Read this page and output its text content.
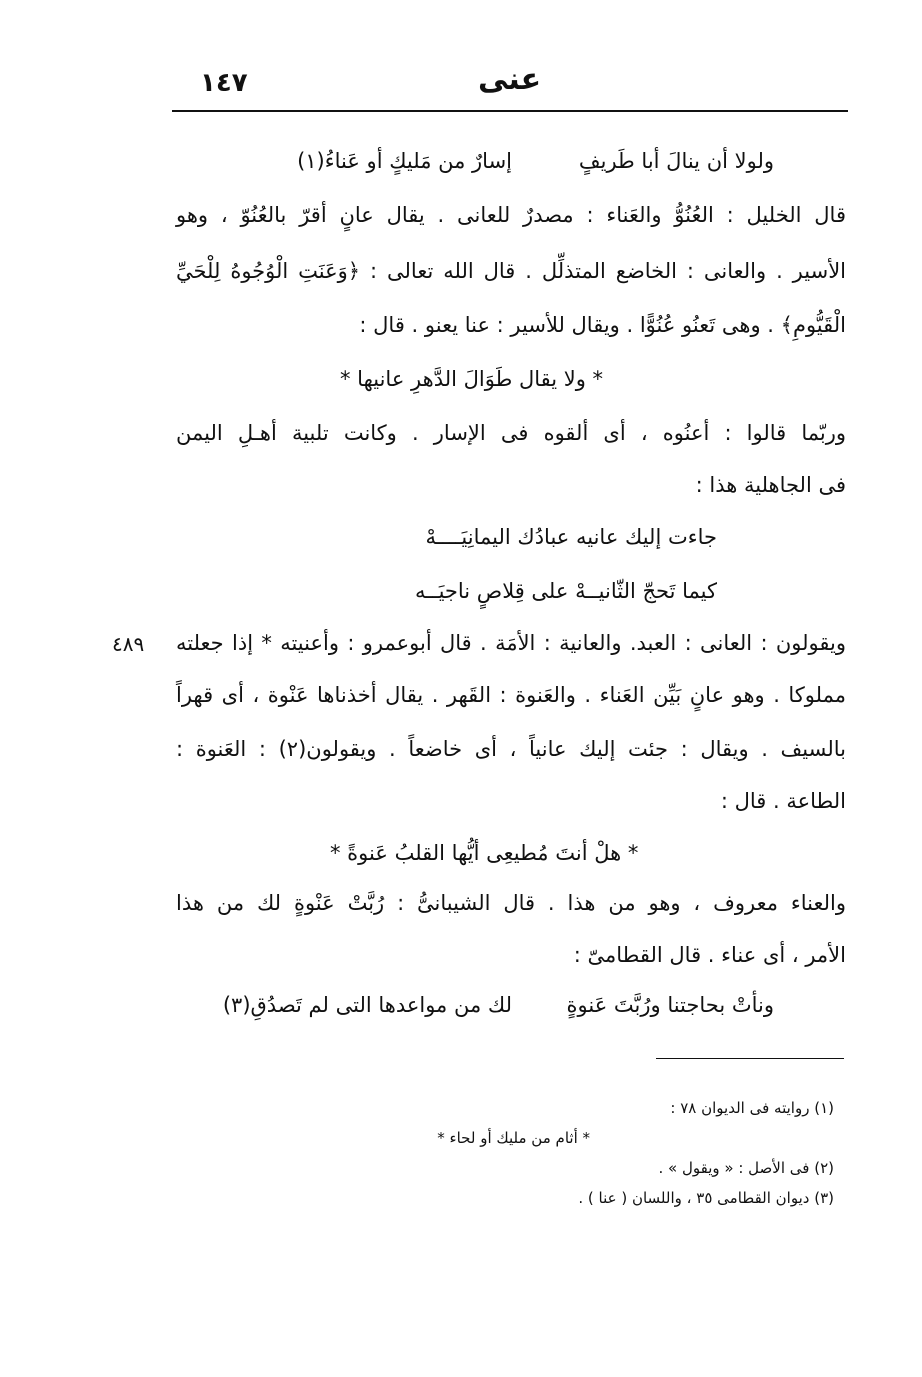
١٤٧	عنى
إسارٌ من مَليكٍ أو عَناءُ(١)	ولولا أن ينالَ أبا طَريفٍ
قال الخليل : العُنُوُّ والعَناء : مصدرٌ للعانى . يقال عانٍ أقرّ بالعُنُوّ ، وهو
الأسير . والعانى : الخاضع المتذلِّل . قال الله تعالى : ﴿وَعَنَتِ الْوُجُوهُ لِلْحَيِّ
الْقَيُّومِ﴾ . وهى تَعنُو عُنُوًّا . ويقال للأسير : عنا يعنو . قال :
* ولا يقال طَوَالَ الدَّهرِ عانيها *
وربّما قالوا : أعنُوه ، أى ألقوه فى الإسار . وكانت تلبية أهـلِ اليمن
فى الجاهلية هذا :
جاءت إليك عانيه عبادُك اليمانِيَــــهْ
كيما تَحجّ الثّانيــهْ على قِلاصٍ ناجيَــه
٤٨٩ ويقولون : العانى : العبد. والعانية : الأمَة . قال أبوعمرو : وأعنيته * إذا جعلته
مملوكا . وهو عانٍ بَيِّن العَناء . والعَنوة : القَهر . يقال أخذناها عَنْوة ، أى قهراً
بالسيف . ويقال : جئت إليك عانياً ، أى خاضعاً . ويقولون(٢) : العَنوة :
الطاعة . قال :
* هلْ أنتَ مُطيعِى أيُّها القلبُ عَنوةً *
والعناء معروف ، وهو من هذا . قال الشيبانىُّ : رُبَّتْ عَنْوةٍ لك من هذا
الأمر ، أى عناء . قال القطامىّ :
لك من مواعدها التى لم تَصدُقِ(٣)	ونأتْ بحاجتنا ورُبَّتَ عَنوةٍ
(١) روايته فى الديوان ٧٨ :
* أثام من مليك أو لحاء *
(٢) فى الأصل : « ويقول » .
(٣) ديوان القطامى ٣٥ ، واللسان ( عنا ) .
